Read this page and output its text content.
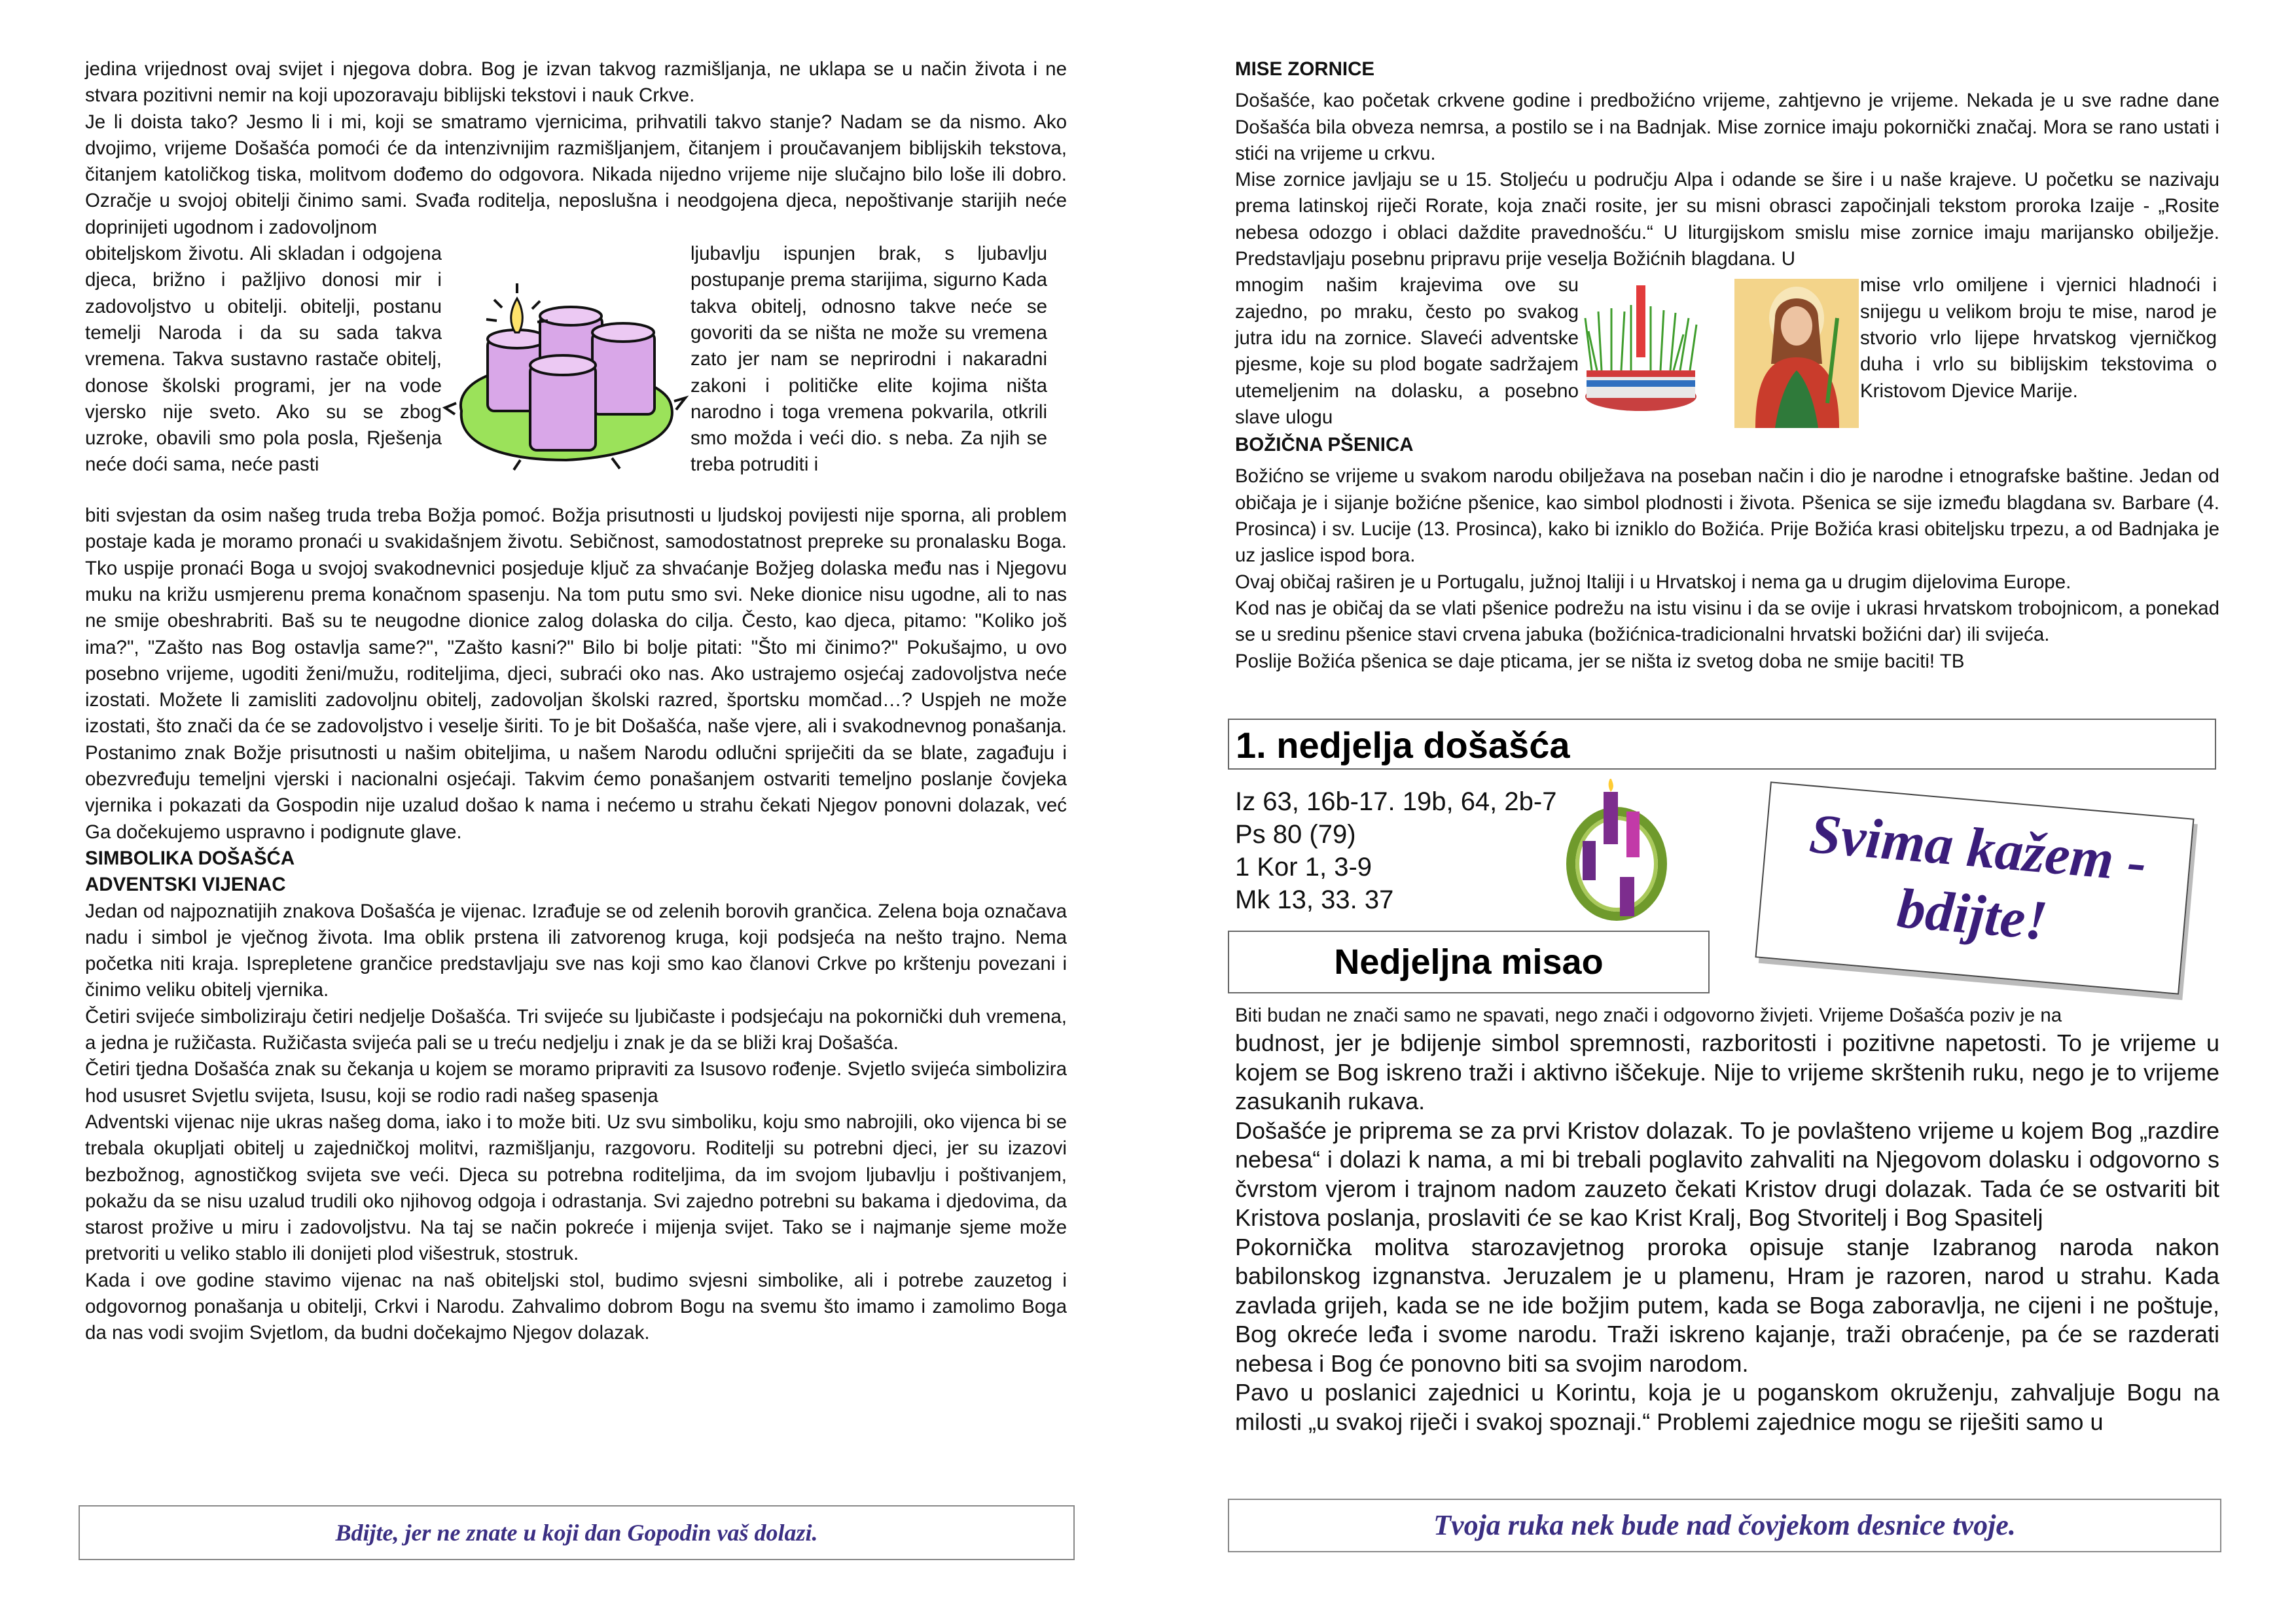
jedina vrijednost ovaj svijet i njegova dobra. Bog je izvan takvog razmišljanja, ne uklapa se u način života i ne stvara pozitivni nemir na koji upozoravaju biblijski tekstovi i nauk Crkve.

Je li doista tako? Jesmo li i mi, koji se smatramo vjernicima, prihvatili takvo stanje? Nadam se da nismo. Ako dvojimo, vrijeme Došašća pomoći će da intenzivnijim razmišljanjem, čitanjem i proučavanjem biblijskih tekstova, čitanjem katoličkog tiska, molitvom dođemo do odgovora. Nikada nijedno vrijeme nije slučajno bilo loše ili dobro. Ozračje u svojoj obitelji činimo sami. Svađa roditelja, neposlušna i neodgojena djeca, nepoštivanje starijih neće doprinijeti ugodnom i zadovoljnom

obiteljskom životu. Ali skladan i odgojena djeca, brižno i pažljivo donosi mir i zadovoljstvo u obitelji. obitelji, postanu temelji Naroda i da su sada takva vremena. Takva sustavno rastače obitelj, donose školski programi, jer na vode vjersko nije sveto. Ako su se zbog uzroke, obavili smo pola posla, Rješenja neće doći sama, neće pasti

ljubavlju ispunjen brak, s ljubavlju postupanje prema starijima, sigurno Kada takva obitelj, odnosno takve neće se govoriti da se ništa ne može su vremena zato jer nam se neprirodni i nakaradni zakoni i političke elite kojima ništa narodno i toga vremena pokvarila, otkrili smo možda i veći dio. s neba. Za njih se treba potruditi i

biti svjestan da osim našeg truda treba Božja pomoć. Božja prisutnosti u ljudskoj povijesti nije sporna, ali problem postaje kada je moramo pronaći u svakidašnjem životu. Sebičnost, samodostatnost prepreke su pronalasku Boga. Tko uspije pronaći Boga u svojoj svakodnevnici posjeduje ključ za shvaćanje Božjeg dolaska među nas i Njegovu muku na križu usmjerenu prema konačnom spasenju. Na tom putu smo svi. Neke dionice nisu ugodne, ali to nas ne smije obeshrabriti. Baš su te neugodne dionice zalog dolaska do cilja. Često, kao djeca, pitamo: "Koliko još ima?", "Zašto nas Bog ostavlja same?", "Zašto kasni?" Bilo bi bolje pitati: "Što mi činimo?" Pokušajmo, u ovo posebno vrijeme, ugoditi ženi/mužu, roditeljima, djeci, subraći oko nas. Ako ustrajemo osjećaj zadovoljstva neće izostati. Možete li zamisliti zadovoljnu obitelj, zadovoljan školski razred, športsku momčad…? Uspjeh ne može izostati, što znači da će se zadovoljstvo i veselje širiti. To je bit Došašća, naše vjere, ali i svakodnevnog ponašanja. Postanimo znak Božje prisutnosti u našim obiteljima, u našem Narodu odlučni spriječiti da se blate, zagađuju i obezvređuju temeljni vjerski i nacionalni osjećaji. Takvim ćemo ponašanjem ostvariti temeljno poslanje čovjeka vjernika i pokazati da Gospodin nije uzalud došao k nama i nećemo u strahu čekati Njegov ponovni dolazak, već Ga dočekujemo uspravno i podignute glave.

SIMBOLIKA DOŠAŠĆA

ADVENTSKI VIJENAC

Jedan od najpoznatijih znakova Došašća je vijenac. Izrađuje se od zelenih borovih grančica. Zelena boja označava nadu i simbol je vječnog života. Ima oblik prstena ili zatvorenog kruga, koji podsjeća na nešto trajno. Nema početka niti kraja. Isprepletene grančice predstavljaju sve nas koji smo kao članovi Crkve po krštenju povezani i činimo veliku obitelj vjernika.

Četiri svijeće simboliziraju četiri nedjelje Došašća. Tri svijeće su ljubičaste i podsjećaju na pokornički duh vremena, a jedna je ružičasta. Ružičasta svijeća pali se u treću nedjelju i znak je da se bliži kraj Došašća.

Četiri tjedna Došašća znak su čekanja u kojem se moramo pripraviti za Isusovo rođenje. Svjetlo svijeća simbolizira hod ususret Svjetlu svijeta, Isusu, koji se rodio radi našeg spasenja

Adventski vijenac nije ukras našeg doma, iako i to može biti. Uz svu simboliku, koju smo nabrojili, oko vijenca bi se trebala okupljati obitelj u zajedničkoj molitvi, razmišljanju, razgovoru. Roditelji su potrebni djeci, jer su izazovi bezbožnog, agnostičkog svijeta sve veći. Djeca su potrebna roditeljima, da im svojom ljubavlju i poštivanjem, pokažu da se nisu uzalud trudili oko njihovog odgoja i odrastanja. Svi zajedno potrebni su bakama i djedovima, da starost prožive u miru i zadovoljstvu. Na taj se način pokreće i mijenja svijet. Tako se i najmanje sjeme može pretvoriti u veliko stablo ili donijeti plod višestruk, stostruk.

Kada i ove godine stavimo vijenac na naš obiteljski stol, budimo svjesni simbolike, ali i potrebe zauzetog i odgovornog ponašanja u obitelji, Crkvi i Narodu. Zahvalimo dobrom Bogu na svemu što imamo i zamolimo Boga da nas vodi svojim Svjetlom, da budni dočekajmo Njegov dolazak.

Bdijte, jer ne znate u koji dan Gopodin vaš dolazi.

MISE ZORNICE

Došašće, kao početak crkvene godine i predbožićno vrijeme, zahtjevno je vrijeme. Nekada je u sve radne dane Došašća bila obveza nemrsa, a postilo se i na Badnjak. Mise zornice imaju pokornički značaj. Mora se rano ustati i stići na vrijeme u crkvu.

Mise zornice javljaju se u 15. Stoljeću u području Alpa i odande se šire i u naše krajeve. U početku se nazivaju prema latinskoj riječi Rorate, koja znači rosite, jer su misni obrasci započinjali tekstom proroka Izaije - „Rosite nebesa odozgo i oblaci daždite pravednošću.“ U liturgijskom smislu mise zornice imaju marijansko obilježje. Predstavljaju posebnu pripravu prije veselja Božićnih blagdana. U

mnogim našim krajevima ove su zajedno, po mraku, često po svakog jutra idu na zornice. Slaveći adventske pjesme, koje su plod bogate sadržajem utemeljenim na dolasku, a posebno slave ulogu

mise vrlo omiljene i vjernici hladnoći i snijegu u velikom broju te mise, narod je stvorio vrlo lijepe hrvatskog vjerničkog duha i vrlo su biblijskim tekstovima o Kristovom Djevice Marije.

BOŽIČNA PŠENICA

Božićno se vrijeme u svakom narodu obilježava na poseban način i dio je narodne i etnografske baštine. Jedan od običaja je i sijanje božićne pšenice, kao simbol plodnosti i života. Pšenica se sije između blagdana sv. Barbare (4. Prosinca) i sv. Lucije (13. Prosinca), kako bi izniklo do Božića. Prije Božića krasi obiteljsku trpezu, a od Badnjaka je uz jaslice ispod bora.

Ovaj običaj raširen je u Portugalu, južnoj Italiji i u Hrvatskoj i nema ga u drugim dijelovima Europe.

Kod nas je običaj da se vlati pšenice podrežu na istu visinu i da se ovije i ukrasi hrvatskom trobojnicom, a ponekad se u sredinu pšenice stavi crvena jabuka (božićnica-tradicionalni hrvatski božićni dar) ili svijeća.

Poslije Božića pšenica se daje pticama, jer se ništa iz svetog doba ne smije baciti! TB

1. nedjelja došašća
Iz 63, 16b-17. 19b, 64, 2b-7
Ps 80 (79)
1 Kor 1, 3-9
Mk 13, 33. 37
Svima kažem -
bdijte!
Nedjeljna misao

Biti budan ne znači samo ne spavati, nego znači i odgovorno živjeti. Vrijeme Došašća poziv je na

budnost, jer je bdijenje simbol spremnosti, razboritosti i pozitivne napetosti. To je vrijeme u kojem se Bog iskreno traži i aktivno iščekuje. Nije to vrijeme skrštenih ruku, nego je to vrijeme zasukanih rukava.

Došašće je priprema se za prvi Kristov dolazak. To je povlašteno vrijeme u kojem Bog „razdire nebesa“ i dolazi k nama, a mi bi trebali poglavito zahvaliti na Njegovom dolasku i odgovorno s čvrstom vjerom i trajnom nadom zauzeto čekati Kristov drugi dolazak. Tada će se ostvariti bit Kristova poslanja, proslaviti će se kao Krist Kralj, Bog Stvoritelj i Bog Spasitelj

Pokornička molitva starozavjetnog proroka opisuje stanje Izabranog naroda nakon babilonskog izgnanstva. Jeruzalem je u plamenu, Hram je razoren, narod u strahu. Kada zavlada grijeh, kada se ne ide božjim putem, kada se Boga zaboravlja, ne cijeni i ne poštuje, Bog okreće leđa i svome narodu. Traži iskreno kajanje, traži obraćenje, pa će se razderati nebesa i Bog će ponovno biti sa svojim narodom.

Pavo u poslanici zajednici u Korintu, koja je u poganskom okruženju, zahvaljuje Bogu na milosti „u svakoj riječi i svakoj spoznaji.“ Problemi zajednice mogu se riješiti samo u

Tvoja ruka nek bude nad čovjekom desnice tvoje.
